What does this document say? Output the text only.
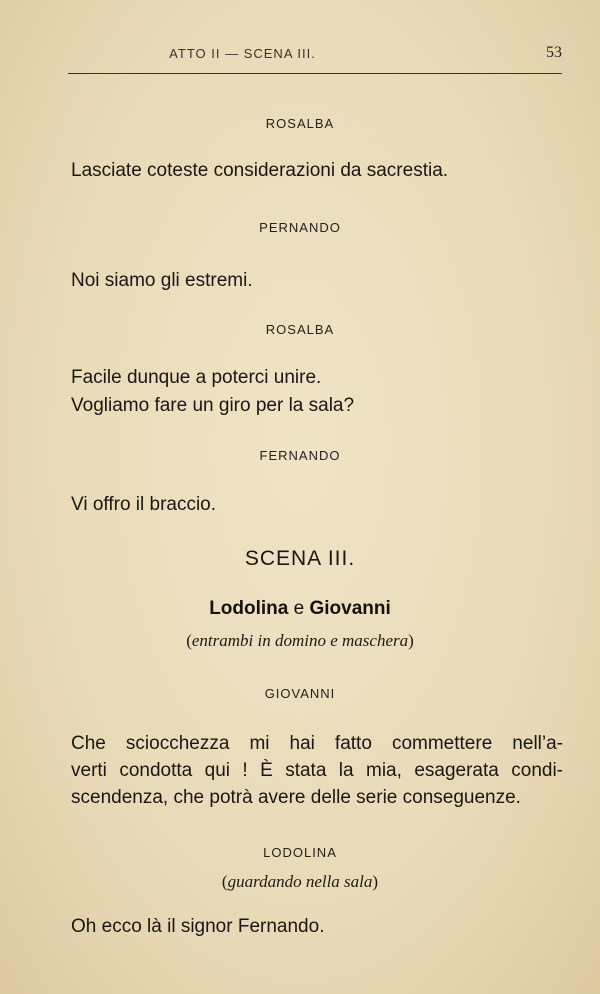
ATTO II — SCENA III.	53
ROSALBA
Lasciate coteste considerazioni da sacrestia.
PERNANDO
Noi siamo gli estremi.
ROSALBA
Facile dunque a poterci unire.
Vogliamo fare un giro per la sala?
FERNANDO
Vi offro il braccio.
SCENA III.
Lodolina e Giovanni
(entrambi in domino e maschera)
GIOVANNI
Che sciocchezza mi hai fatto commettere nell’a-
verti condotta qui ! È stata la mia, esagerata condi-
scendenza, che potrà avere delle serie conseguenze.
LODOLINA
(guardando nella sala)
Oh ecco là il signor Fernando.
